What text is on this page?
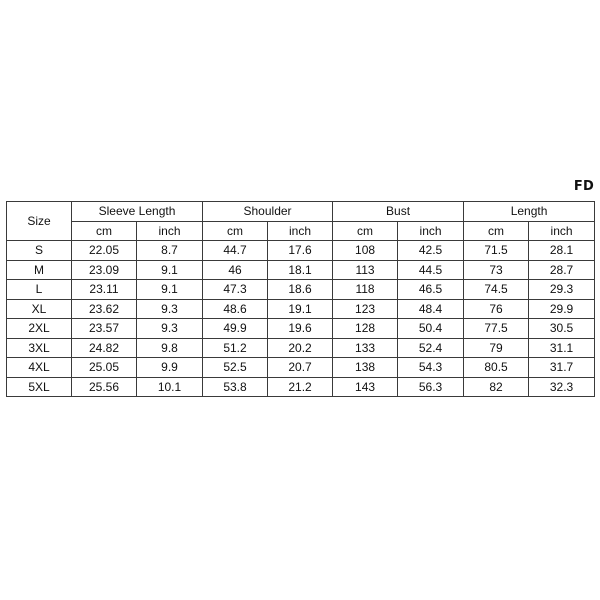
FD
Size	Sleeve Length		Shoulder		Bust		Length	
	cm	inch	cm	inch	cm	inch	cm	inch
S	22.05	8.7	44.7	17.6	108	42.5	71.5	28.1
M	23.09	9.1	46	18.1	113	44.5	73	28.7
L	23.11	9.1	47.3	18.6	118	46.5	74.5	29.3
XL	23.62	9.3	48.6	19.1	123	48.4	76	29.9
2XL	23.57	9.3	49.9	19.6	128	50.4	77.5	30.5
3XL	24.82	9.8	51.2	20.2	133	52.4	79	31.1
4XL	25.05	9.9	52.5	20.7	138	54.3	80.5	31.7
5XL	25.56	10.1	53.8	21.2	143	56.3	82	32.3
